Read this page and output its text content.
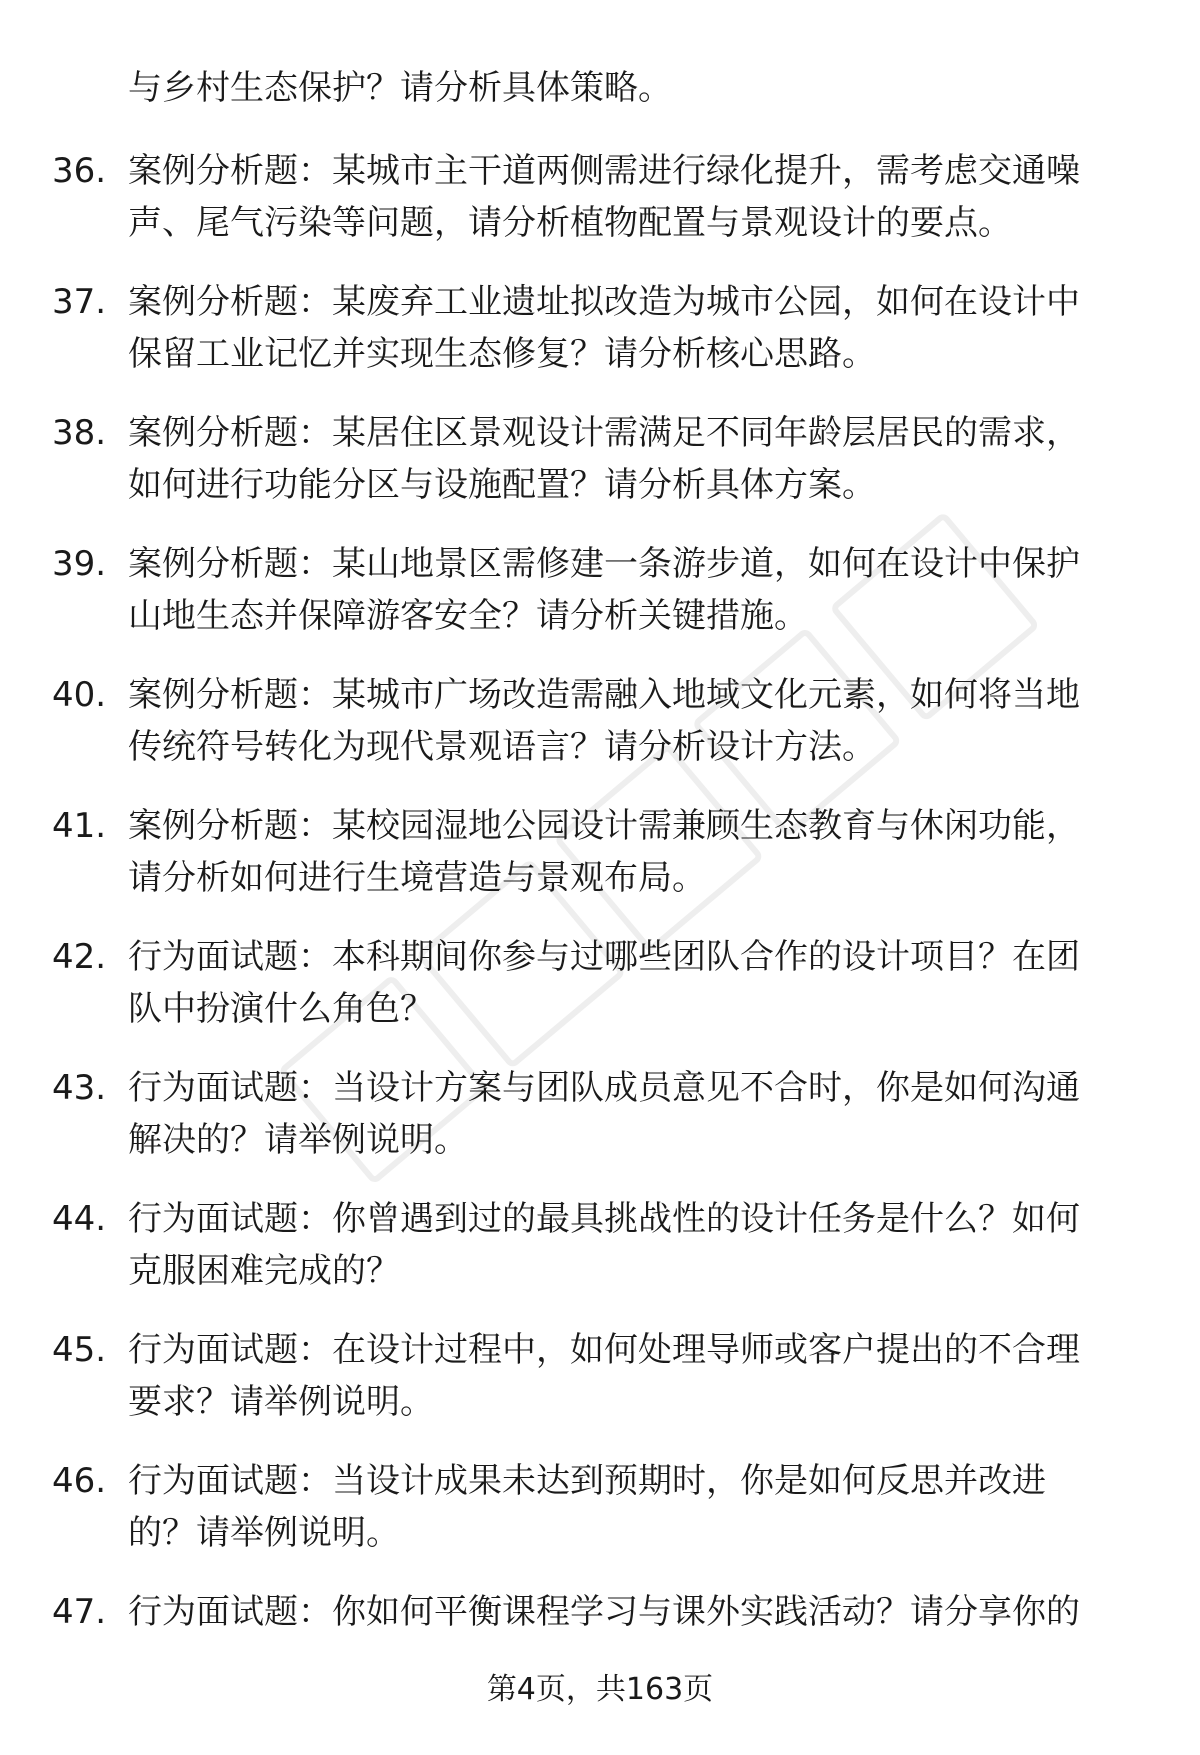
与乡村生态保护？请分析具体策略。
36. 案例分析题：某城市主干道两侧需进行绿化提升，需考虑交通噪
声、尾气污染等问题，请分析植物配置与景观设计的要点。
37. 案例分析题：某废弃工业遗址拟改造为城市公园，如何在设计中
保留工业记忆并实现生态修复？请分析核心思路。
38. 案例分析题：某居住区景观设计需满足不同年龄层居民的需求，
如何进行功能分区与设施配置？请分析具体方案。
39. 案例分析题：某山地景区需修建一条游步道，如何在设计中保护
山地生态并保障游客安全？请分析关键措施。
40. 案例分析题：某城市广场改造需融入地域文化元素，如何将当地
传统符号转化为现代景观语言？请分析设计方法。
41. 案例分析题：某校园湿地公园设计需兼顾生态教育与休闲功能，
请分析如何进行生境营造与景观布局。
42. 行为面试题：本科期间你参与过哪些团队合作的设计项目？在团
队中扮演什么角色？
43. 行为面试题：当设计方案与团队成员意见不合时，你是如何沟通
解决的？请举例说明。
44. 行为面试题：你曾遇到过的最具挑战性的设计任务是什么？如何
克服困难完成的？
45. 行为面试题：在设计过程中，如何处理导师或客户提出的不合理
要求？请举例说明。
46. 行为面试题：当设计成果未达到预期时，你是如何反思并改进
的？请举例说明。
47. 行为面试题：你如何平衡课程学习与课外实践活动？请分享你的
第4页，共163页
